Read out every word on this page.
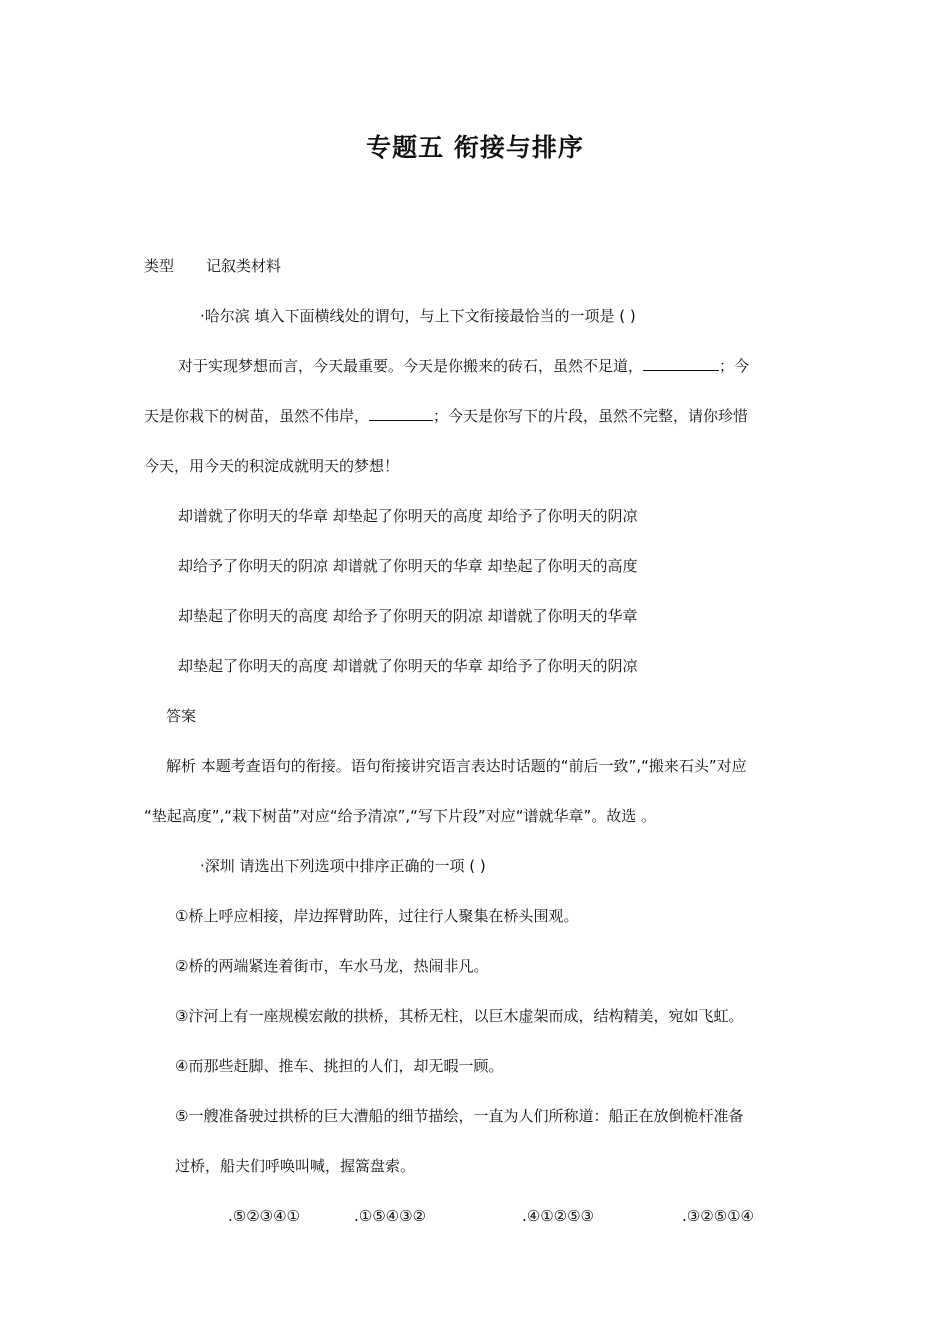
专题五 衔接与排序
类型 记叙类材料
·哈尔滨 填入下面横线处的谓句，与上下文衔接最恰当的一项是 ( )
对于实现梦想而言，今天最重要。今天是你搬来的砖石，虽然不足道，	；今
天是你栽下的树苗，虽然不伟岸，	；今天是你写下的片段，虽然不完整，请你珍惜
今天，用今天的积淀成就明天的梦想！
却谱就了你明天的华章 却垫起了你明天的高度 却给予了你明天的阴凉
却给予了你明天的阴凉 却谱就了你明天的华章 却垫起了你明天的高度
却垫起了你明天的高度 却给予了你明天的阴凉 却谱就了你明天的华章
却垫起了你明天的高度 却谱就了你明天的华章 却给予了你明天的阴凉
答案
解析 本题考查语句的衔接。语句衔接讲究语言表达时话题的“前后一致”,“搬来石头”对应
“垫起高度”,“栽下树苗”对应“给予清凉”,“写下片段”对应“谱就华章”。故选 。
·深圳 请选出下列选项中排序正确的一项 ( )
①桥上呼应相接，岸边挥臂助阵，过往行人聚集在桥头围观。
②桥的两端紧连着街市，车水马龙，热闹非凡。
③汴河上有一座规模宏敞的拱桥，其桥无柱，以巨木虚架而成，结构精美，宛如飞虹。
④而那些赶脚、推车、挑担的人们，却无暇一顾。
⑤一艘准备驶过拱桥的巨大漕船的细节描绘，一直为人们所称道：船正在放倒桅杆准备
过桥，船夫们呼唤叫喊，握篙盘索。
.⑤②③④①	.①⑤④③②	.④①②⑤③	.③②⑤①④
